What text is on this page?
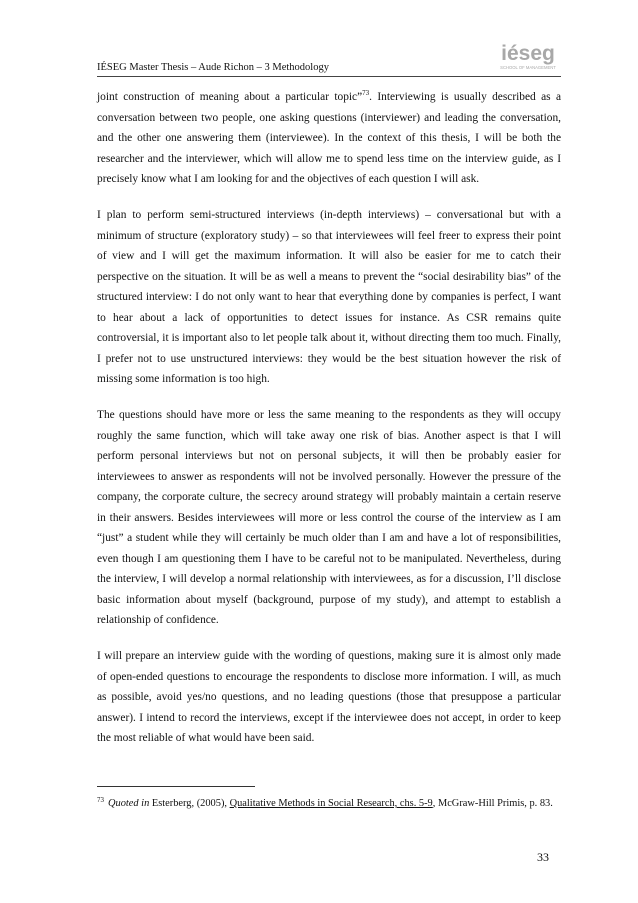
IÉSEG Master Thesis – Aude Richon – 3 Methodology
iéseg
SCHOOL OF MANAGEMENT

joint construction of meaning about a particular topic”$^{73}$. Interviewing is usually described as a conversation between two people, one asking questions (interviewer) and leading the conversation, and the other one answering them (interviewee). In the context of this thesis, I will be both the researcher and the interviewer, which will allow me to spend less time on the interview guide, as I precisely know what I am looking for and the objectives of each question I will ask.

I plan to perform semi-structured interviews (in-depth interviews) – conversational but with a minimum of structure (exploratory study) – so that interviewees will feel freer to express their point of view and I will get the maximum information. It will also be easier for me to catch their perspective on the situation. It will be as well a means to prevent the “social desirability bias” of the structured interview: I do not only want to hear that everything done by companies is perfect, I want to hear about a lack of opportunities to detect issues for instance. As CSR remains quite controversial, it is important also to let people talk about it, without directing them too much. Finally, I prefer not to use unstructured interviews: they would be the best situation however the risk of missing some information is too high.

The questions should have more or less the same meaning to the respondents as they will occupy roughly the same function, which will take away one risk of bias. Another aspect is that I will perform personal interviews but not on personal subjects, it will then be probably easier for interviewees to answer as respondents will not be involved personally. However the pressure of the company, the corporate culture, the secrecy around strategy will probably maintain a certain reserve in their answers. Besides interviewees will more or less control the course of the interview as I am “just” a student while they will certainly be much older than I am and have a lot of responsibilities, even though I am questioning them I have to be careful not to be manipulated. Nevertheless, during the interview, I will develop a normal relationship with interviewees, as for a discussion, I’ll disclose basic information about myself (background, purpose of my study), and attempt to establish a relationship of confidence.

I will prepare an interview guide with the wording of questions, making sure it is almost only made of open-ended questions to encourage the respondents to disclose more information. I will, as much as possible, avoid yes/no questions, and no leading questions (those that presuppose a particular answer). I intend to record the interviews, except if the interviewee does not accept, in order to keep the most reliable of what would have been said.

$^{73}$ Quoted in Esterberg, (2005), Qualitative Methods in Social Research, chs. 5-9, McGraw-Hill Primis, p. 83.
33
